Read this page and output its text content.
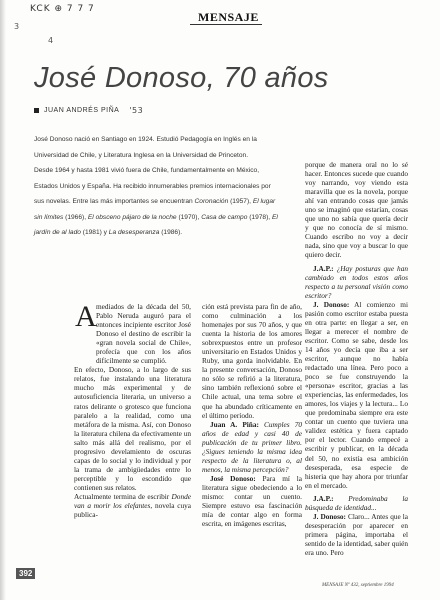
KCK ⊕ 7 7 7
3
4
MENSAJE
José Donoso, 70 años
JUAN ANDRÉS PIÑA '53
José Donoso nació en Santiago en 1924. Estudió Pedagogía en Inglés en la Universidad de Chile, y Literatura Inglesa en la Universidad de Princeton.
Desde 1964 y hasta 1981 vivió fuera de Chile, fundamentalmente en México, Estados Unidos y España. Ha recibido innumerables premios internacionales por sus novelas. Entre las más importantes se encuentran Coronación (1957), El lugar sin límites (1966), El obsceno pájaro de la noche (1970), Casa de campo (1978), El jardín de al lado (1981) y La desesperanza (1986).
A mediados de la década del 50, Pablo Neruda auguró para el entonces incipiente escritor José Donoso el destino de escribir la «gran novela social de Chile», profecía que con los años difícilmente se cumplió.

En efecto, Donoso, a lo largo de sus relatos, fue instalando una literatura mucho más experimental y de autosuficiencia literaria, un universo a ratos delirante o grotesco que funciona paralelo a la realidad, como una metáfora de la misma. Así, con Donoso la literatura chilena da efectivamente un salto más allá del realismo, por el progresivo develamiento de oscuras capas de lo social y lo individual y por la trama de ambigüedades entre lo perceptible y lo escondido que contienen sus relatos.

Actualmente termina de escribir Donde van a morir los elefantes, novela cuya publica-

ción está prevista para fin de año, como culminación a los homenajes por sus 70 años, y que cuenta la historia de los amores sobrexpuestos entre un profesor universitario en Estados Unidos y Ruby, una gorda inolvidable. En la presente conversación, Donoso no sólo se refirió a la literatura, sino también reflexionó sobre el Chile actual, una tema sobre el que ha abundado críticamente en el último período.

Juan A. Piña: Cumples 70 años de edad y casi 40 de publicación de tu primer libro. ¿Sigues teniendo la misma idea respecto de la literatura o, al menos, la misma percepción?

José Donoso: Para mí la literatura sigue obedeciendo a lo mismo: contar un cuento. Siempre estuvo esa fascinación mía de contar algo en forma escrita, en imágenes escritas,

porque de manera oral no lo sé hacer. Entonces sucede que cuando voy narrando, voy viendo esta maravilla que es la novela, porque ahí van entrando cosas que jamás uno se imaginó que estarían, cosas que uno no sabía que quería decir y que no conocía de sí mismo. Cuando escribo no voy a decir nada, sino que voy a buscar lo que quiero decir.

J.A.P.: ¿Hay posturas que han cambiado en todos estos años respecto a tu personal visión como escritor?

J. Donoso: Al comienzo mi pasión como escritor estaba puesta en otra parte: en llegar a ser, en llegar a merecer el nombre de escritor. Como se sabe, desde los 14 años yo decía que iba a ser escritor, aunque no había redactado una línea. Pero poco a poco se fue construyendo la «persona» escritor, gracias a las experiencias, las enfermedades, los amores, los viajes y la lectura... Lo que predominaba siempre era este contar un cuento que tuviera una validez estética y fuera captado por el lector. Cuando empecé a escribir y publicar, en la década del 50, no existía esa ambición desesperada, esa especie de histeria que hay ahora por triunfar en el mercado.

J.A.P.: Predominaba la búsqueda de identidad...

J. Donoso: Claro... Antes que la desesperación por aparecer en primera página, importaba el sentido de la identidad, saber quién era uno. Pero

392
MENSAJE Nº 432, septiembre 1994
